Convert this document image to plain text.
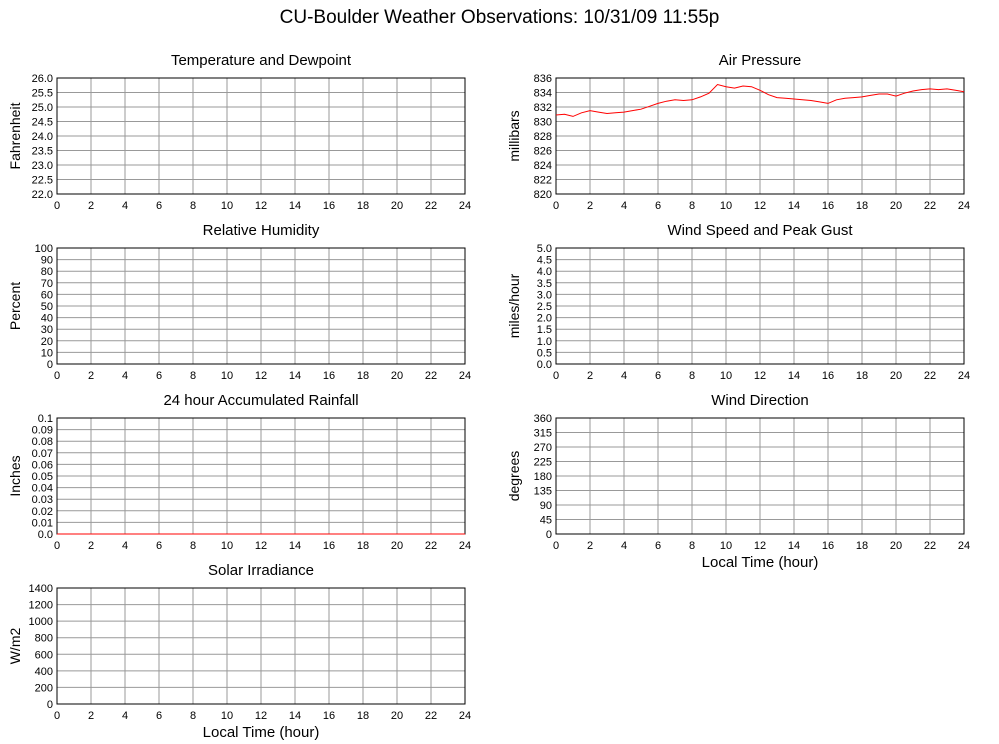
CU-Boulder Weather Observations: 10/31/09 11:55p
0	2	4	6	8 10 12 14 16 18 20 22 24
22.0
22.5
23.0
23.5
24.0
24.5
25.0
25.5
26.0
Temperature and Dewpoint
Fahrenheit
0	2	4	6	8 10 12 14 16 18 20 22 24
820
822
824
826
828
830
832
834
836
Air Pressure
millibars
0	2	4	6	8 10 12 14 16 18 20 22 24
0
10
20
30
40
50
60
70
80
90
100
Relative Humidity
Percent
0	2	4	6	8 10 12 14 16 18 20 22 24
0.0
0.5
1.0
1.5
2.0
2.5
3.0
3.5
4.0
4.5
5.0
Wind Speed and Peak Gust
miles/hour
0	2	4	6	8 10 12 14 16 18 20 22 24
0.0
0.01
0.02
0.03
0.04
0.05
0.06
0.07
0.08
0.09
0.1
24 hour Accumulated Rainfall
Inches
0	2	4	6	8 10 12 14 16 18 20 22 24
0
45
90
135
180
225
270
315
360
Wind Direction
degrees
Local Time (hour)
0	2	4	6	8 10 12 14 16 18 20 22 24
0
200
400
600
800
1000
1200
1400
Solar Irradiance
W/m2
Local Time (hour)
